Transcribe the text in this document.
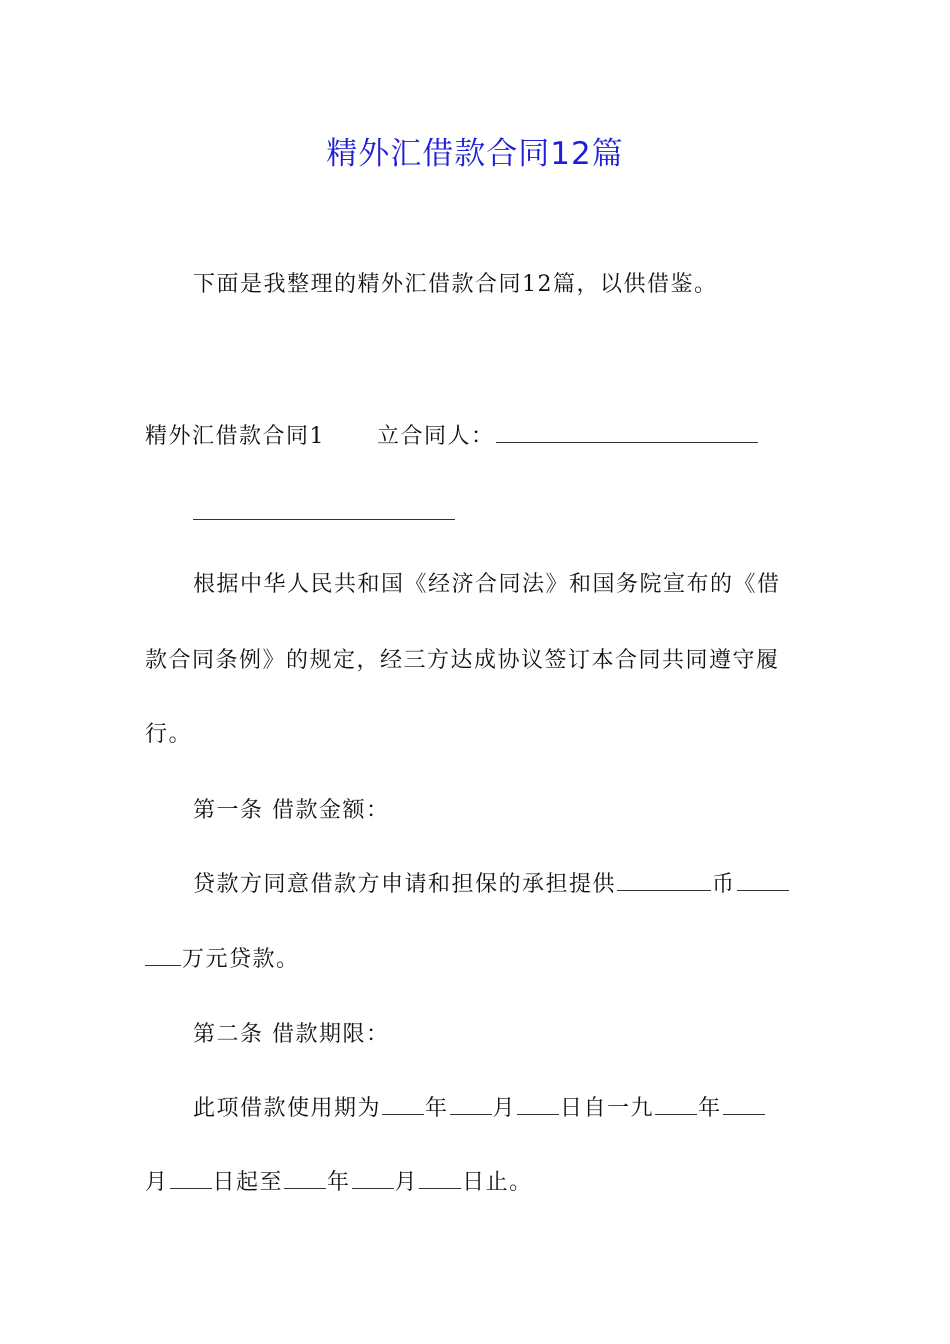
精外汇借款合同12篇
下面是我整理的精外汇借款合同12篇，以供借鉴。
精外汇借款合同1 立合同人：
根据中华人民共和国《经济合同法》和国务院宣布的《借
款合同条例》的规定，经三方达成协议签订本合同共同遵守履
行。
第一条 借款金额：
贷款方同意借款方申请和担保的承担提供	币
万元贷款。
第二条 借款期限：
此项借款使用期为 年 月 日自一九 年
月 日起至 年 月 日止。
